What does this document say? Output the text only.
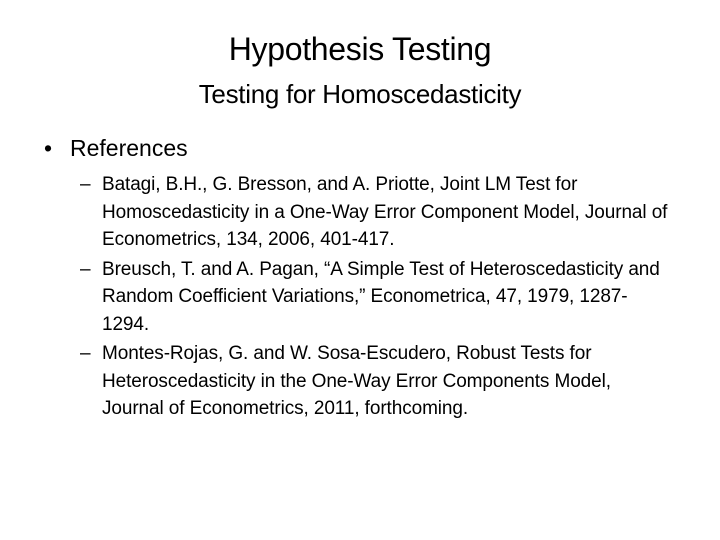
Hypothesis Testing
Testing for Homoscedasticity
• References
– Batagi, B.H., G. Bresson, and A. Priotte, Joint LM Test for Homoscedasticity in a One-Way Error Component Model, Journal of Econometrics, 134, 2006, 401-417.
– Breusch, T. and A. Pagan, “A Simple Test of Heteroscedasticity and Random Coefficient Variations,” Econometrica, 47, 1979, 1287-1294.
– Montes-Rojas, G. and W. Sosa-Escudero, Robust Tests for Heteroscedasticity in the One-Way Error Components Model, Journal of Econometrics, 2011, forthcoming.
